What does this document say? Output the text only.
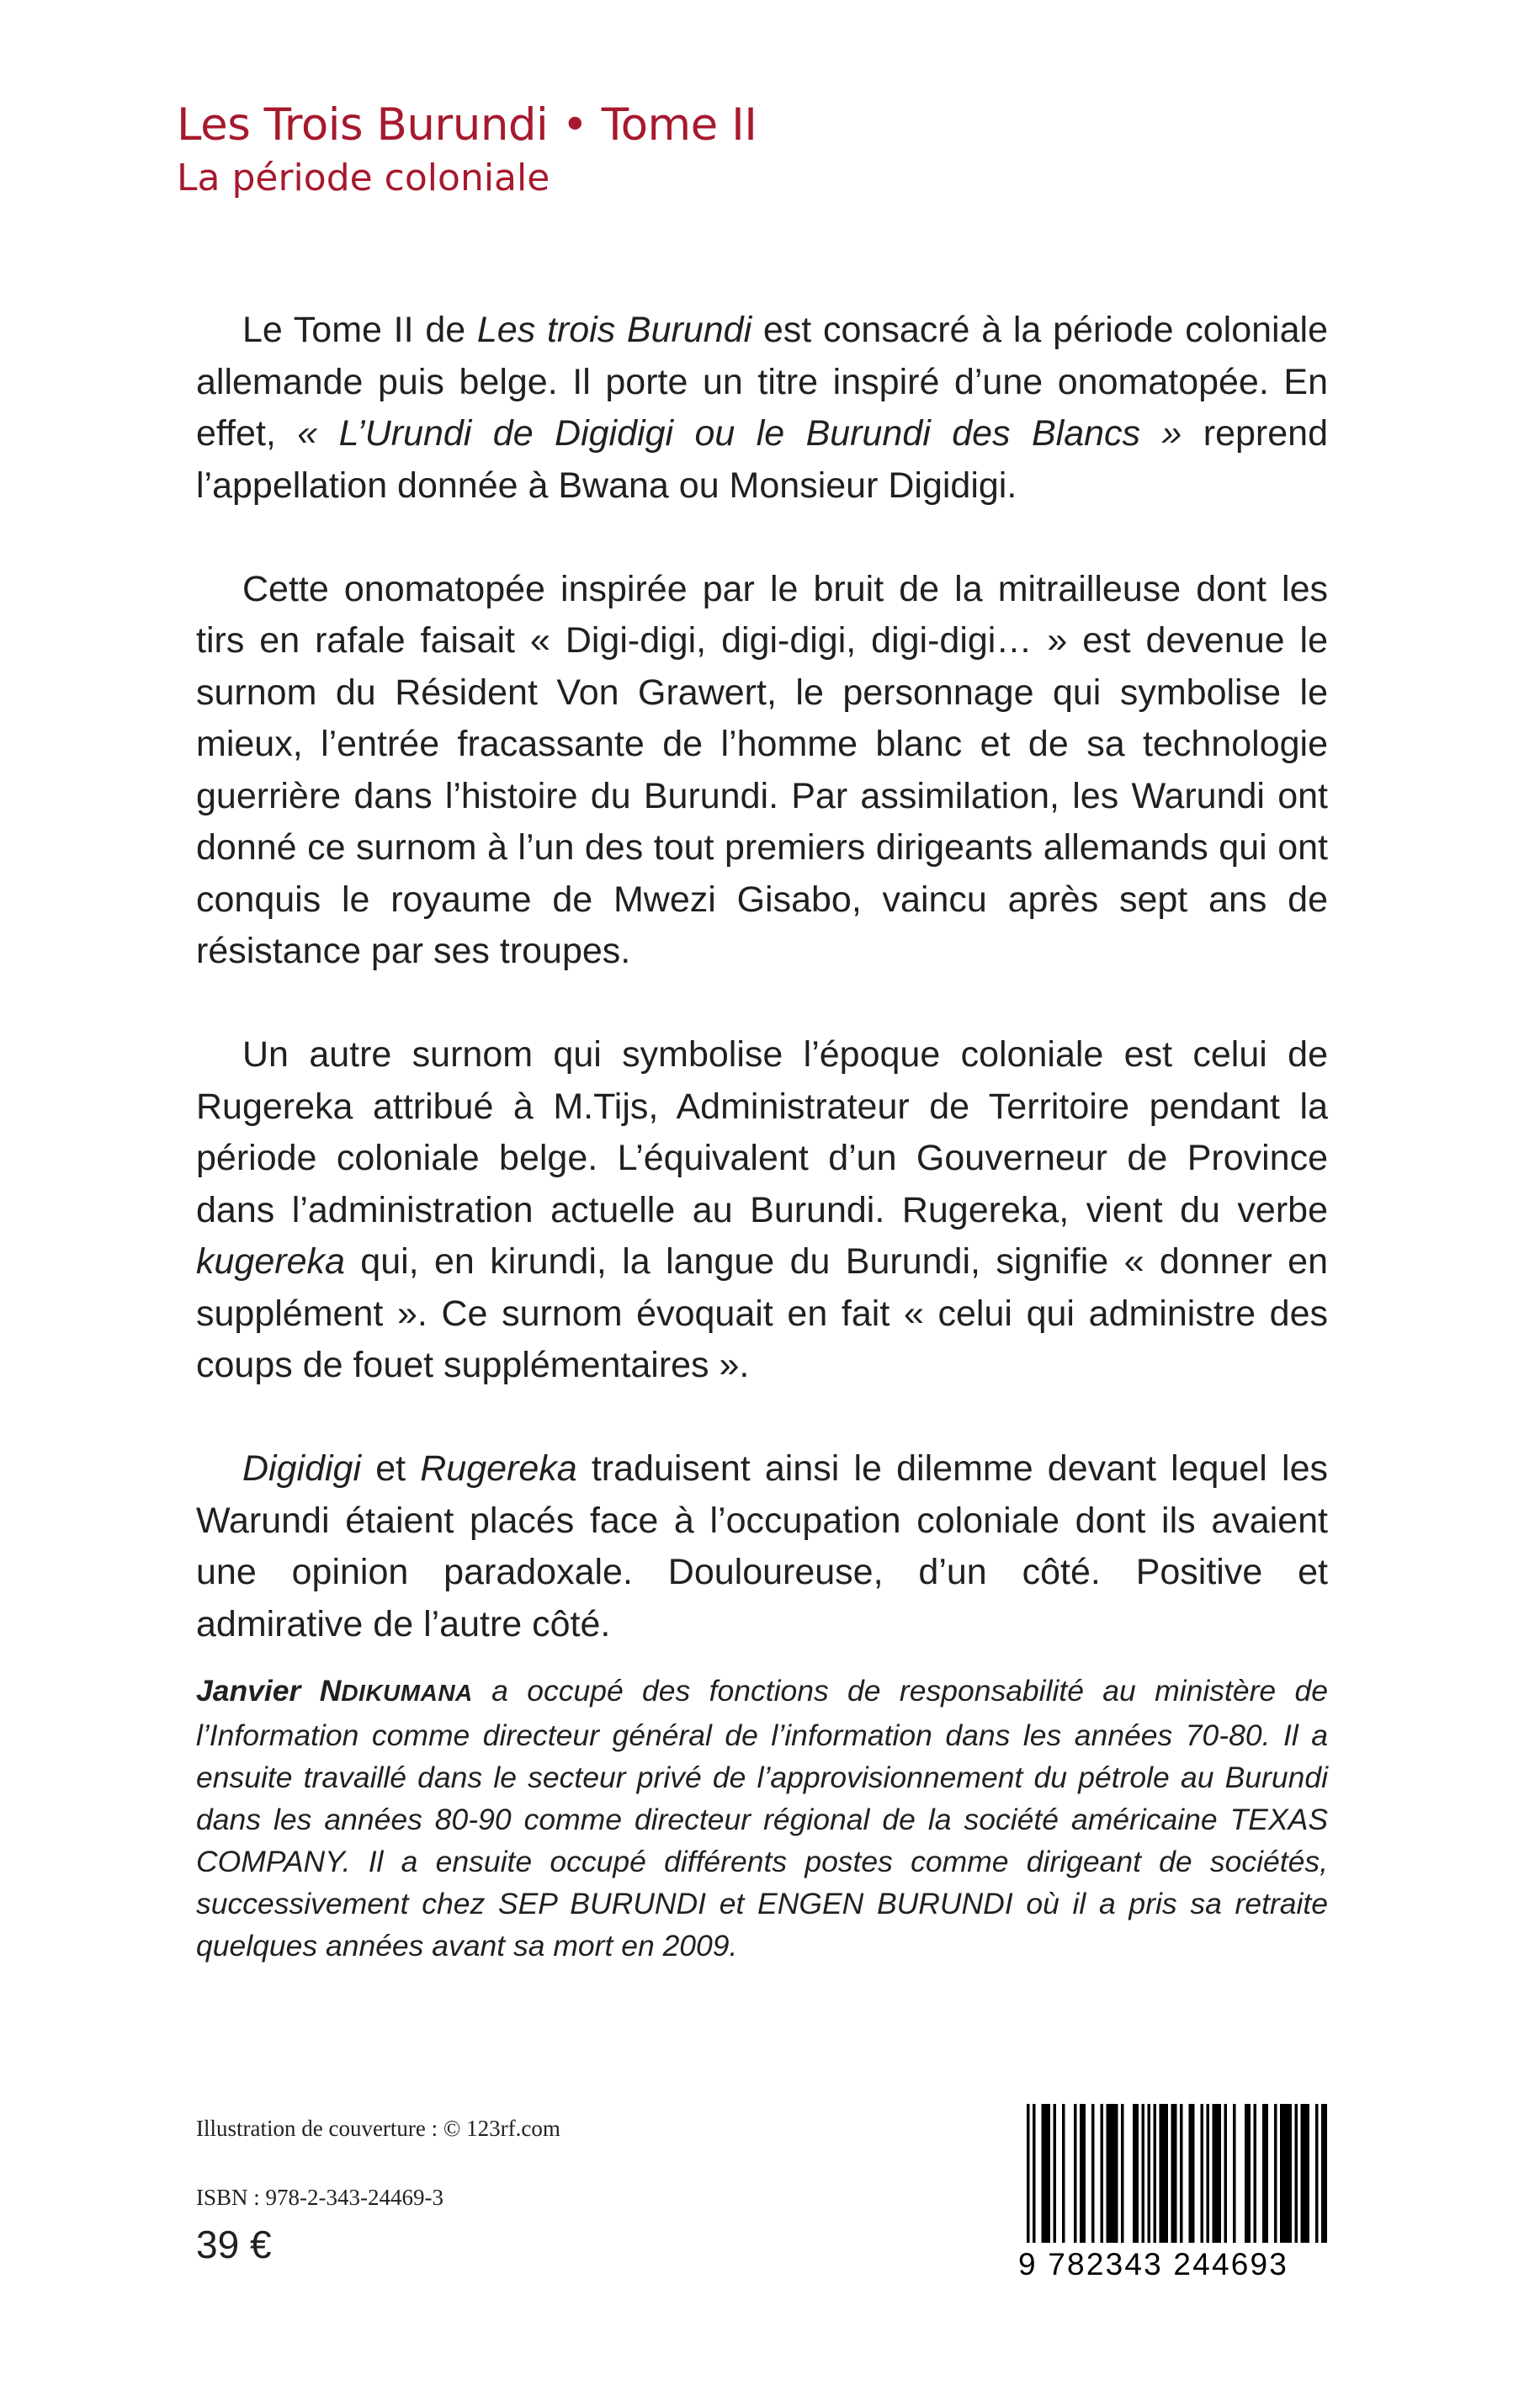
Les Trois Burundi • Tome II
La période coloniale

Le Tome II de Les trois Burundi est consacré à la période coloniale allemande puis belge. Il porte un titre inspiré d’une onomatopée. En effet, « L’Urundi de Digidigi ou le Burundi des Blancs » reprend l’appellation donnée à Bwana ou Monsieur Digidigi.

Cette onomatopée inspirée par le bruit de la mitrailleuse dont les tirs en rafale faisait « Digi-digi, digi-digi, digi-digi… » est devenue le surnom du Résident Von Grawert, le personnage qui symbolise le mieux, l’entrée fracassante de l’homme blanc et de sa technologie guerrière dans l’histoire du Burundi. Par assimilation, les Warundi ont donné ce surnom à l’un des tout premiers dirigeants allemands qui ont conquis le royaume de Mwezi Gisabo, vaincu après sept ans de résistance par ses troupes.

Un autre surnom qui symbolise l’époque coloniale est celui de Rugereka attribué à M.Tijs, Administrateur de Territoire pendant la période coloniale belge. L’équivalent d’un Gouverneur de Province dans l’administration actuelle au Burundi. Rugereka, vient du verbe kugereka qui, en kirundi, la langue du Burundi, signifie « donner en supplément ». Ce surnom évoquait en fait « celui qui administre des coups de fouet supplémentaires ».

Digidigi et Rugereka traduisent ainsi le dilemme devant lequel les Warundi étaient placés face à l’occupation coloniale dont ils avaient une opinion paradoxale. Douloureuse, d’un côté. Positive et admirative de l’autre côté.

Janvier NDIKUMANA a occupé des fonctions de responsabilité au ministère de l’Information comme directeur général de l’information dans les années 70-80. Il a ensuite travaillé dans le secteur privé de l’approvisionnement du pétrole au Burundi dans les années 80-90 comme directeur régional de la société américaine TEXAS COMPANY. Il a ensuite occupé différents postes comme dirigeant de sociétés, successivement chez SEP BURUNDI et ENGEN BURUNDI où il a pris sa retraite quelques années avant sa mort en 2009.
Illustration de couverture : © 123rf.com
ISBN : 978-2-343-24469-3
39 €	9 782343 244693
